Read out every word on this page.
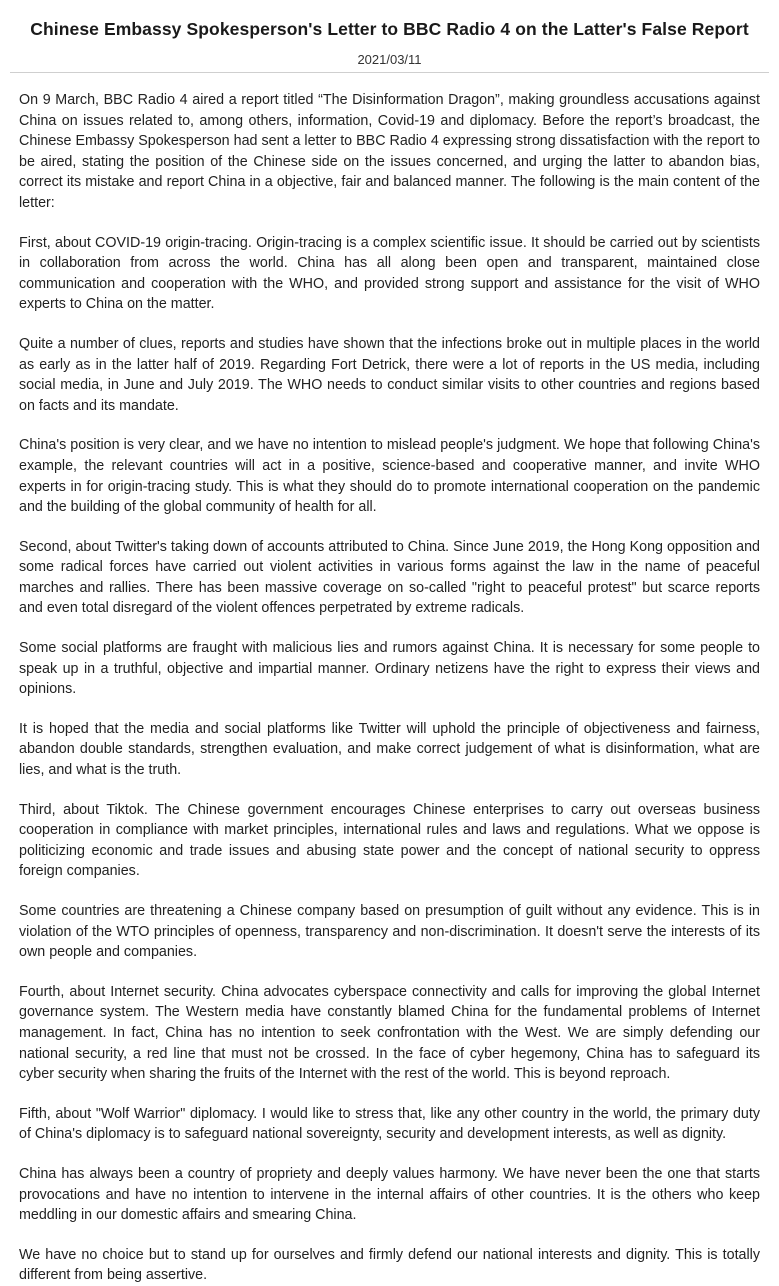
Chinese Embassy Spokesperson's Letter to BBC Radio 4 on the Latter's False Report
2021/03/11

On 9 March, BBC Radio 4 aired a report titled “The Disinformation Dragon”, making groundless accusations against China on issues related to, among others, information, Covid-19 and diplomacy. Before the report’s broadcast, the Chinese Embassy Spokesperson had sent a letter to BBC Radio 4 expressing strong dissatisfaction with the report to be aired, stating the position of the Chinese side on the issues concerned, and urging the latter to abandon bias, correct its mistake and report China in a objective, fair and balanced manner. The following is the main content of the letter:

First, about COVID-19 origin-tracing. Origin-tracing is a complex scientific issue. It should be carried out by scientists in collaboration from across the world. China has all along been open and transparent, maintained close communication and cooperation with the WHO, and provided strong support and assistance for the visit of WHO experts to China on the matter.

Quite a number of clues, reports and studies have shown that the infections broke out in multiple places in the world as early as in the latter half of 2019. Regarding Fort Detrick, there were a lot of reports in the US media, including social media, in June and July 2019. The WHO needs to conduct similar visits to other countries and regions based on facts and its mandate.

China's position is very clear, and we have no intention to mislead people's judgment. We hope that following China's example, the relevant countries will act in a positive, science-based and cooperative manner, and invite WHO experts in for origin-tracing study. This is what they should do to promote international cooperation on the pandemic and the building of the global community of health for all.

Second, about Twitter's taking down of accounts attributed to China. Since June 2019, the Hong Kong opposition and some radical forces have carried out violent activities in various forms against the law in the name of peaceful marches and rallies. There has been massive coverage on so-called "right to peaceful protest" but scarce reports and even total disregard of the violent offences perpetrated by extreme radicals.

Some social platforms are fraught with malicious lies and rumors against China. It is necessary for some people to speak up in a truthful, objective and impartial manner. Ordinary netizens have the right to express their views and opinions.

It is hoped that the media and social platforms like Twitter will uphold the principle of objectiveness and fairness, abandon double standards, strengthen evaluation, and make correct judgement of what is disinformation, what are lies, and what is the truth.

Third, about Tiktok. The Chinese government encourages Chinese enterprises to carry out overseas business cooperation in compliance with market principles, international rules and laws and regulations. What we oppose is politicizing economic and trade issues and abusing state power and the concept of national security to oppress foreign companies.

Some countries are threatening a Chinese company based on presumption of guilt without any evidence. This is in violation of the WTO principles of openness, transparency and non-discrimination. It doesn't serve the interests of its own people and companies.

Fourth, about Internet security. China advocates cyberspace connectivity and calls for improving the global Internet governance system. The Western media have constantly blamed China for the fundamental problems of Internet management. In fact, China has no intention to seek confrontation with the West. We are simply defending our national security, a red line that must not be crossed. In the face of cyber hegemony, China has to safeguard its cyber security when sharing the fruits of the Internet with the rest of the world. This is beyond reproach.

Fifth, about "Wolf Warrior" diplomacy. I would like to stress that, like any other country in the world, the primary duty of China's diplomacy is to safeguard national sovereignty, security and development interests, as well as dignity.

China has always been a country of propriety and deeply values harmony. We have never been the one that starts provocations and have no intention to intervene in the internal affairs of other countries. It is the others who keep meddling in our domestic affairs and smearing China.

We have no choice but to stand up for ourselves and firmly defend our national interests and dignity. This is totally different from being assertive.
